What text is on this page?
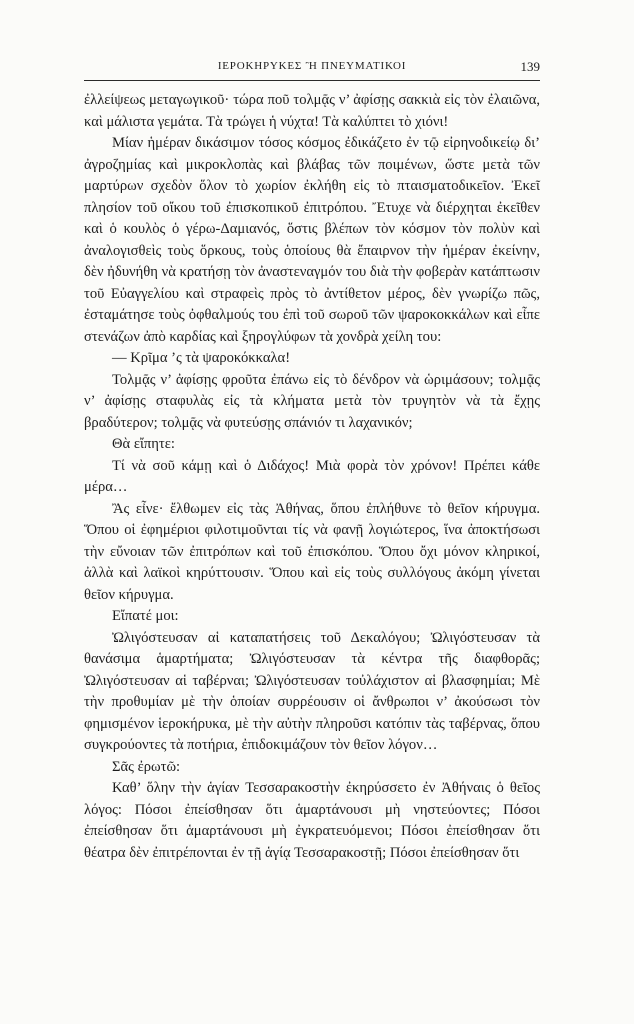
ΙΕΡΟΚΗΡΥΚΕΣ Ἢ ΠΝΕΥΜΑΤΙΚΟΙ	139

ἐλλείψεως μεταγωγικοῦ· τώρα ποῦ τολμᾷς ν’ ἀφίσῃς σακκιὰ εἰς τὸν ἐλαιῶνα, καὶ μάλιστα γεμάτα. Τὰ τρώγει ἡ νύχτα! Τὰ καλύπτει τὸ χιόνι!

Μίαν ἡμέραν δικάσιμον τόσος κόσμος ἐδικάζετο ἐν τῷ εἰρηνοδικείῳ δι’ ἀγροζημίας καὶ μικροκλοπὰς καὶ βλάβας τῶν ποιμένων, ὥστε μετὰ τῶν μαρτύρων σχεδὸν ὅλον τὸ χωρίον ἐκλήθη εἰς τὸ πταισματοδικεῖον. Ἐκεῖ πλησίον τοῦ οἴκου τοῦ ἐπισκοπικοῦ ἐπιτρόπου. Ἔτυχε νὰ διέρχηται ἐκεῖθεν καὶ ὁ κουλὸς ὁ γέρω-Δαμιανός, ὅστις βλέπων τὸν κόσμον τὸν πολὺν καὶ ἀναλογισθεὶς τοὺς ὅρκους, τοὺς ὁποίους θὰ ἔπαιρνον τὴν ἡμέραν ἐκείνην, δὲν ἠδυνήθη νὰ κρατήσῃ τὸν ἀναστεναγμόν του διὰ τὴν φοβερὰν κατάπτωσιν τοῦ Εὐαγγελίου καὶ στραφεὶς πρὸς τὸ ἀντίθετον μέρος, δὲν γνωρίζω πῶς, ἐσταμάτησε τοὺς ὀφθαλμούς του ἐπὶ τοῦ σωροῦ τῶν ψαροκοκκάλων καὶ εἶπε στενάζων ἀπὸ καρδίας καὶ ξηρογλύφων τὰ χονδρὰ χείλη του:

— Κρῖμα ’ς τὰ ψαροκόκκαλα!

Τολμᾷς ν’ ἀφίσῃς φροῦτα ἐπάνω εἰς τὸ δένδρον νὰ ὡριμάσουν; τολμᾷς ν’ ἀφίσῃς σταφυλὰς εἰς τὰ κλήματα μετὰ τὸν τρυγητὸν νὰ τὰ ἔχῃς βραδύτερον; τολμᾷς νὰ φυτεύσῃς σπάνιόν τι λαχανικόν;

Θὰ εἴπητε:

Τί νὰ σοῦ κάμῃ καὶ ὁ Διδάχος! Μιὰ φορὰ τὸν χρόνον! Πρέπει κάθε μέρα…

Ἂς εἶνε· ἔλθωμεν εἰς τὰς Ἀθήνας, ὅπου ἐπλήθυνε τὸ θεῖον κήρυγμα. Ὅπου οἱ ἐφημέριοι φιλοτιμοῦνται τίς νὰ φανῇ λογιώτερος, ἵνα ἀποκτήσωσι τὴν εὔνοιαν τῶν ἐπιτρόπων καὶ τοῦ ἐπισκόπου. Ὅπου ὄχι μόνον κληρικοί, ἀλλὰ καὶ λαϊκοὶ κηρύττουσιν. Ὅπου καὶ εἰς τοὺς συλλόγους ἀκόμη γίνεται θεῖον κήρυγμα.

Εἴπατέ μοι:

Ὠλιγόστευσαν αἱ καταπατήσεις τοῦ Δεκαλόγου; Ὠλιγόστευσαν τὰ θανάσιμα ἁμαρτήματα; Ὠλιγόστευσαν τὰ κέντρα τῆς διαφθορᾶς; Ὠλιγόστευσαν αἱ ταβέρναι; Ὠλιγόστευσαν τοὐλάχιστον αἱ βλασφημίαι; Μὲ τὴν προθυμίαν μὲ τὴν ὁποίαν συρρέουσιν οἱ ἄνθρωποι ν’ ἀκούσωσι τὸν φημισμένον ἱεροκήρυκα, μὲ τὴν αὐτὴν πληροῦσι κατόπιν τὰς ταβέρνας, ὅπου συγκρούοντες τὰ ποτήρια, ἐπιδοκιμάζουν τὸν θεῖον λόγον…

Σᾶς ἐρωτῶ:

Καθ’ ὅλην τὴν ἁγίαν Τεσσαρακοστὴν ἐκηρύσσετο ἐν Ἀθήναις ὁ θεῖος λόγος: Πόσοι ἐπείσθησαν ὅτι ἁμαρτάνουσι μὴ νηστεύοντες; Πόσοι ἐπείσθησαν ὅτι ἁμαρτάνουσι μὴ ἐγκρατευόμενοι; Πόσοι ἐπείσθησαν ὅτι θέατρα δὲν ἐπιτρέπονται ἐν τῇ ἁγίᾳ Τεσσαρακοστῇ; Πόσοι ἐπείσθησαν ὅτι
